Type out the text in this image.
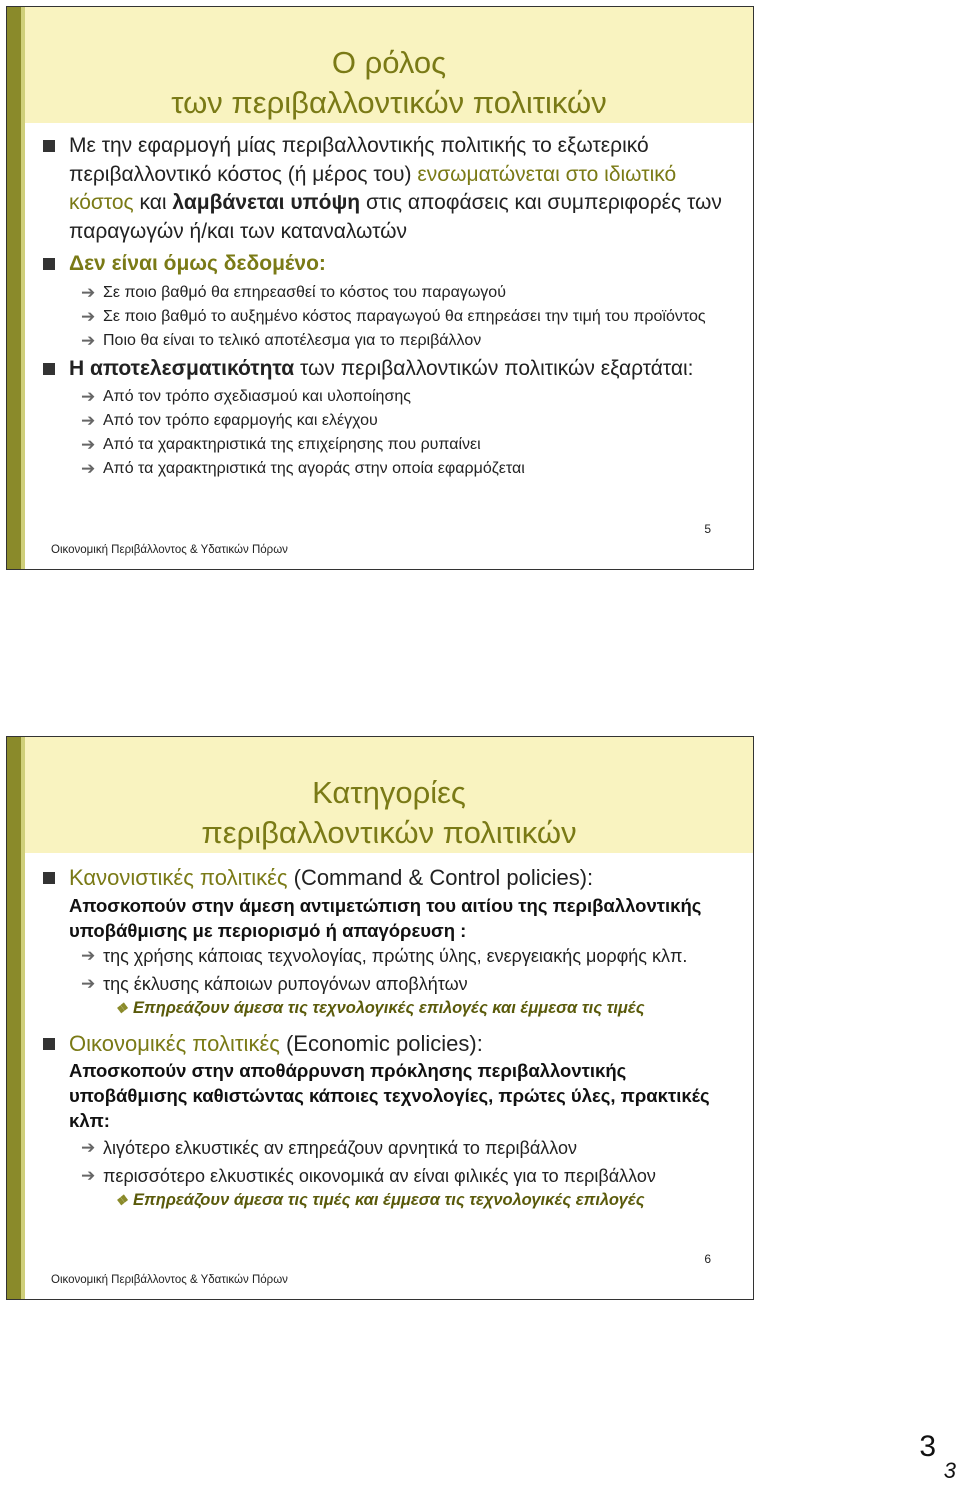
Ο ρόλος
των περιβαλλοντικών πολιτικών

Με την εφαρμογή μίας περιβαλλοντικής πολιτικής το εξωτερικό περιβαλλοντικό κόστος (ή μέρος του) ενσωματώνεται στο ιδιωτικό κόστος και λαμβάνεται υπόψη στις αποφάσεις και συμπεριφορές των παραγωγών ή/και των καταναλωτών

Δεν είναι όμως δεδομένο:

➔ Σε ποιο βαθμό θα επηρεασθεί το κόστος του παραγωγού

➔ Σε ποιο βαθμό το αυξημένο κόστος παραγωγού θα επηρεάσει την τιμή του προϊόντος

➔ Ποιο θα είναι το τελικό αποτέλεσμα για το περιβάλλον

Η αποτελεσματικότητα των περιβαλλοντικών πολιτικών εξαρτάται:

➔ Από τον τρόπο σχεδιασμού και υλοποίησης

➔ Από τον τρόπο εφαρμογής και ελέγχου

➔ Από τα χαρακτηριστικά της επιχείρησης που ρυπαίνει

➔ Από τα χαρακτηριστικά της αγοράς στην οποία εφαρμόζεται

Οικονομική Περιβάλλοντος & Υδατικών Πόρων
5
Κατηγορίες
περιβαλλοντικών πολιτικών

Κανονιστικές πολιτικές (Command & Control policies):

Αποσκοπούν στην άμεση αντιμετώπιση του αιτίου της περιβαλλοντικής υποβάθμισης με περιορισμό ή απαγόρευση :

➔ της χρήσης κάποιας τεχνολογίας, πρώτης ύλης, ενεργειακής μορφής κλπ.

➔ της έκλυσης κάποιων ρυπογόνων αποβλήτων

❖ Επηρεάζουν άμεσα τις τεχνολογικές επιλογές και έμμεσα τις τιμές

Οικονομικές πολιτικές (Economic policies):

Αποσκοπούν στην αποθάρρυνση πρόκλησης περιβαλλοντικής υποβάθμισης καθιστώντας κάποιες τεχνολογίες, πρώτες ύλες, πρακτικές κλπ:

➔ λιγότερο ελκυστικές αν επηρεάζουν αρνητικά το περιβάλλον

➔ περισσότερο ελκυστικές οικονομικά αν είναι φιλικές για το περιβάλλον

❖ Επηρεάζουν άμεσα τις τιμές και έμμεσα τις τεχνολογικές επιλογές

Οικονομική Περιβάλλοντος & Υδατικών Πόρων
6
3
3
